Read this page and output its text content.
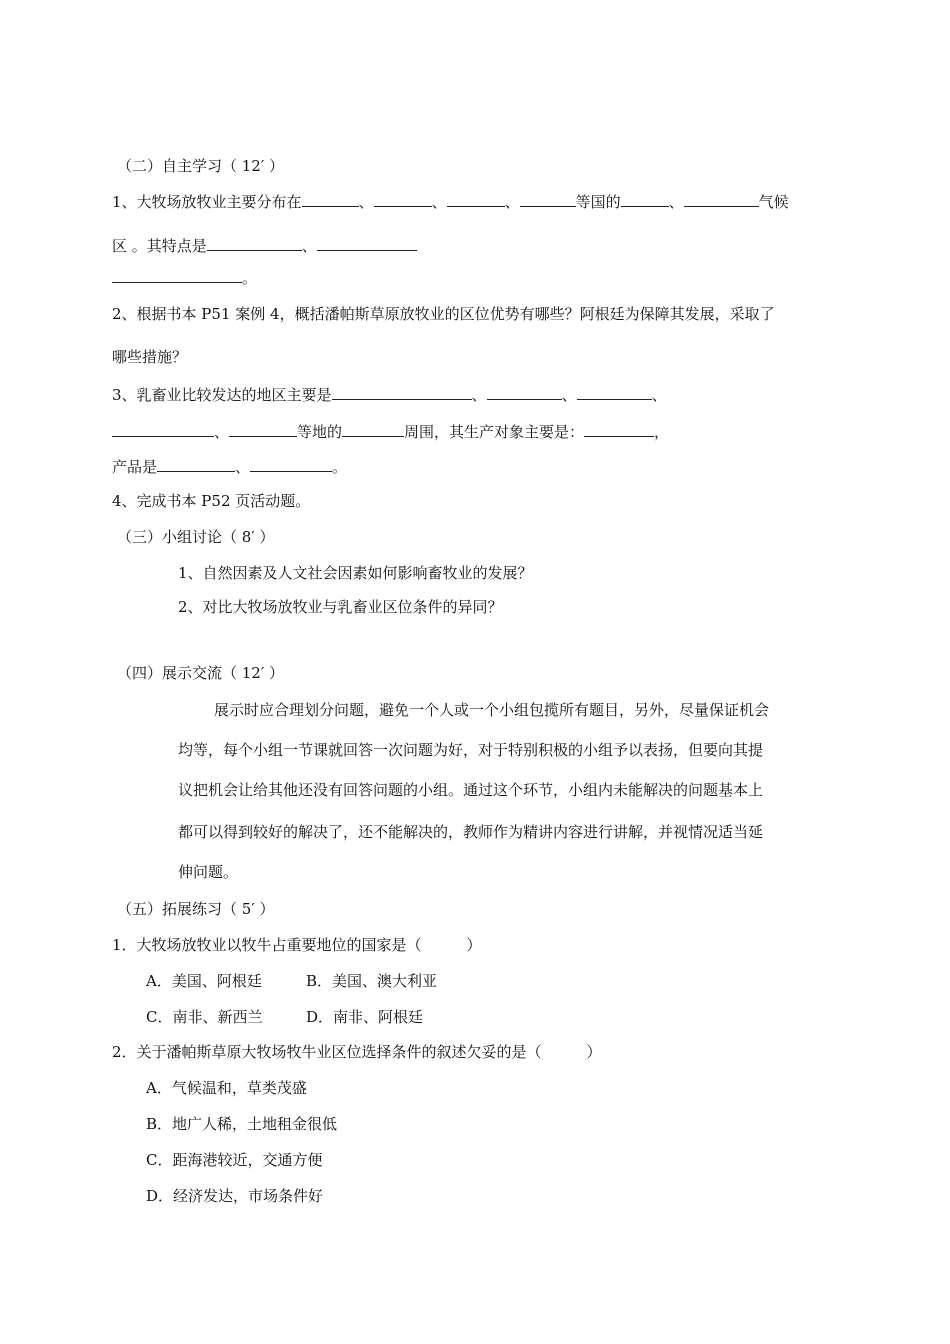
（二）自主学习（ 12′ ）
1、大牧场放牧业主要分布在	、	、	、	等国的	、	气候
区 。其特点是	、
。
2、根据书本 P51 案例 4，概括潘帕斯草原放牧业的区位优势有哪些？阿根廷为保障其发展，采取了
哪些措施？
3、乳畜业比较发达的地区主要是	、	、	、
、	等地的	周围，其生产对象主要是：	，
产品是	、	。
4、完成书本 P52 页活动题。
（三）小组讨论（ 8′ ）
1、自然因素及人文社会因素如何影响畜牧业的发展？
2、对比大牧场放牧业与乳畜业区位条件的异同？
（四）展示交流（ 12′ ）
展示时应合理划分问题，避免一个人或一个小组包揽所有题目，另外，尽量保证机会
均等，每个小组一节课就回答一次问题为好，对于特别积极的小组予以表扬，但要向其提
议把机会让给其他还没有回答问题的小组。通过这个环节，小组内未能解决的问题基本上
都可以得到较好的解决了，还不能解决的，教师作为精讲内容进行讲解，并视情况适当延
伸问题。
（五）拓展练习（ 5′ ）
1．大牧场放牧业以牧牛占重要地位的国家是（　　　）
A．美国、阿根廷	B．美国、澳大利亚
C．南非、新西兰	D．南非、阿根廷
2．关于潘帕斯草原大牧场牧牛业区位选择条件的叙述欠妥的是（　　　）
A．气候温和，草类茂盛
B．地广人稀，土地租金很低
C．距海港较近，交通方便
D．经济发达，市场条件好
